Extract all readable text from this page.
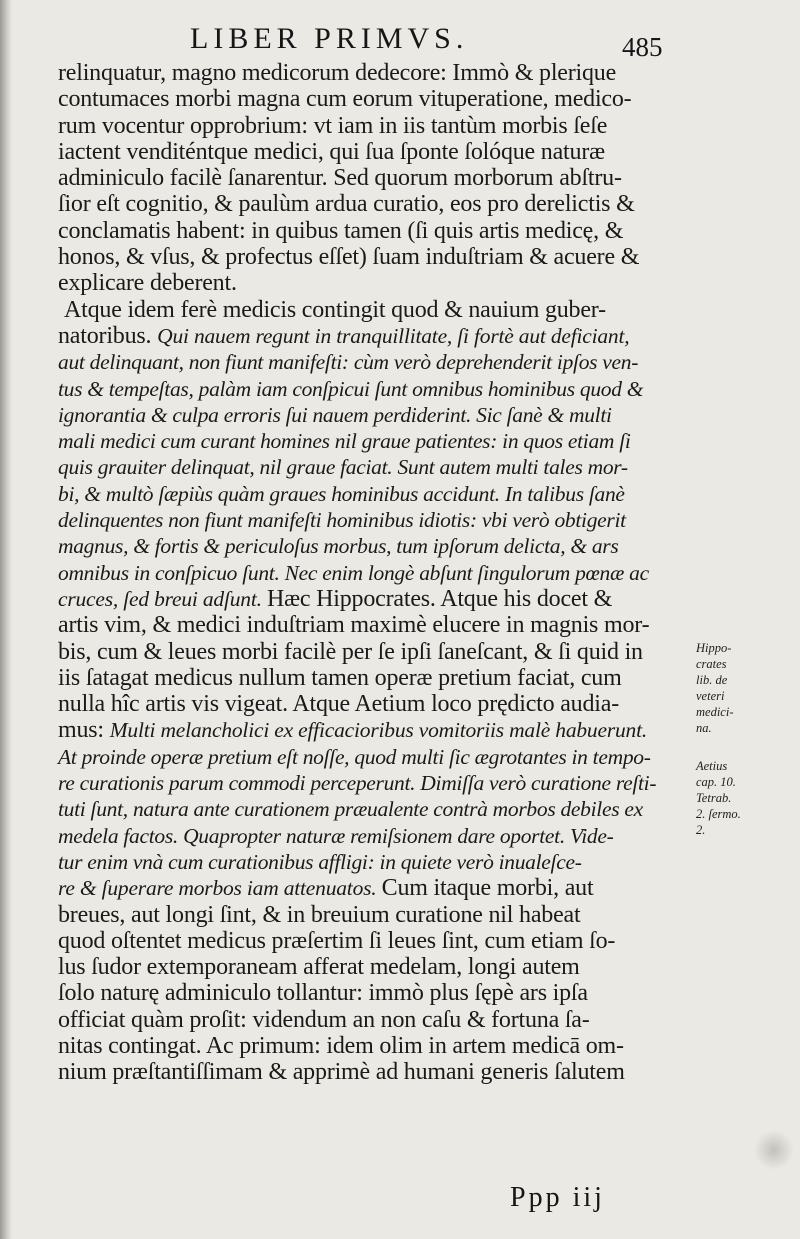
LIBER PRIMVS.	485
relinquatur, magno medicorum dedecore: Immò & plerique
contumaces morbi magna cum eorum vituperatione, medico-
rum vocentur opprobrium: vt iam in iis tantùm morbis ſeſe
iactent venditéntque medici, qui ſua ſponte ſolóque naturæ
adminiculo facilè ſanarentur. Sed quorum morborum abſtru-
ſior eſt cognitio, & paulùm ardua curatio, eos pro derelictis &
conclamatis habent: in quibus tamen (ſi quis artis medicę, &
honos, & vſus, & profectus eſſet) ſuam induſtriam & acuere &
explicare deberent.
Atque idem ferè medicis contingit quod & nauium guber-
natoribus. Qui nauem regunt in tranquillitate, ſi fortè aut deficiant,
aut delinquant, non fiunt manifeſti: cùm verò deprehenderit ipſos ven-
tus & tempeſtas, palàm iam conſpicui ſunt omnibus hominibus quod &
ignorantia & culpa erroris ſui nauem perdiderint. Sic ſanè & multi
mali medici cum curant homines nil graue patientes: in quos etiam ſi
quis grauiter delinquat, nil graue faciat. Sunt autem multi tales mor-
bi, & multò ſæpiùs quàm graues hominibus accidunt. In talibus ſanè
delinquentes non fiunt manifeſti hominibus idiotis: vbi verò obtigerit
magnus, & fortis & periculoſus morbus, tum ipſorum delicta, & ars
omnibus in conſpicuo ſunt. Nec enim longè abſunt ſingulorum pœnæ ac
cruces, ſed breui adſunt. Hæc Hippocrates. Atque his docet &
artis vim, & medici induſtriam maximè elucere in magnis mor-
bis, cum & leues morbi facilè per ſe ipſi ſaneſcant, & ſi quid in
iis ſatagat medicus nullum tamen operæ pretium faciat, cum
nulla hîc artis vis vigeat. Atque Aetium loco prędicto audia-
mus: Multi melancholici ex efficacioribus vomitoriis malè habuerunt.
At proinde operæ pretium eſt noſſe, quod multi ſic ægrotantes in tempo-
re curationis parum commodi perceperunt. Dimiſſa verò curatione reſti-
tuti ſunt, natura ante curationem præualente contrà morbos debiles ex
medela factos. Quapropter naturæ remiſsionem dare oportet. Vide-
tur enim vnà cum curationibus affligi: in quiete verò inualeſce-
re & ſuperare morbos iam attenuatos. Cum itaque morbi, aut
breues, aut longi ſint, & in breuium curatione nil habeat
quod oſtentet medicus præſertim ſi leues ſint, cum etiam ſo-
lus ſudor extemporaneam afferat medelam, longi autem
ſolo naturę adminiculo tollantur: immò plus ſępè ars ipſa
officiat quàm proſit: videndum an non caſu & fortuna ſa-
nitas contingat. Ac primum: idem olim in artem medicā om-
nium præſtantiſſimam & apprimè ad humani generis ſalutem
Hippo-
crates
lib. de
veteri
medici-
na.
Aetius
cap. 10.
Tetrab.
2. ſermo.
2.
Ppp iij
